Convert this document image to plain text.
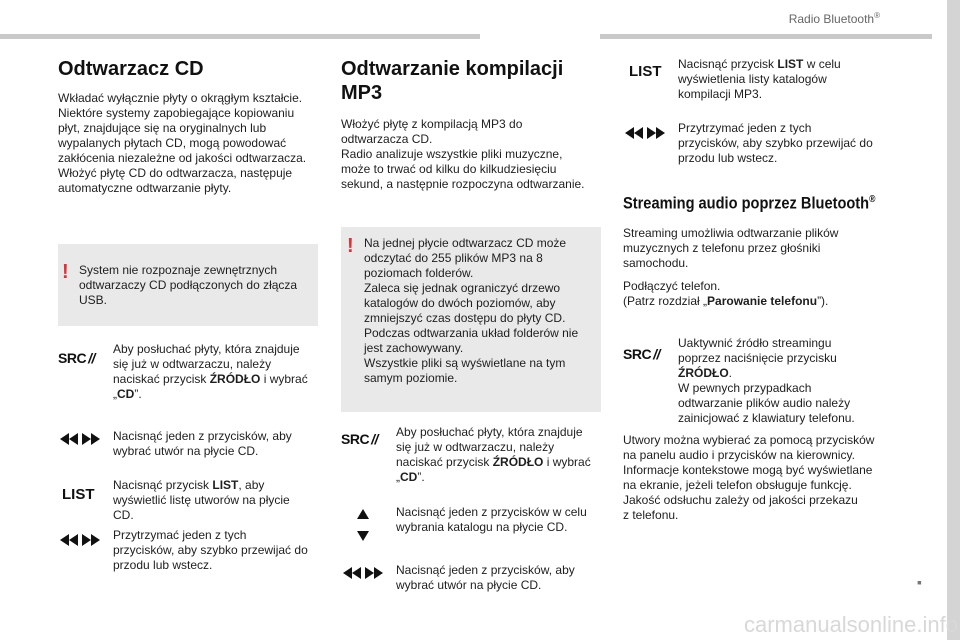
Radio Bluetooth®
Odtwarzacz CD

Wkładać wyłącznie płyty o okrągłym kształcie.

Niektóre systemy zapobiegające kopiowaniu

płyt, znajdujące się na oryginalnych lub

wypalanych płytach CD, mogą powodować

zakłócenia niezależne od jakości odtwarzacza.

Włożyć płytę CD do odtwarzacza, następuje

automatyczne odtwarzanie płyty.

! System nie rozpoznaje zewnętrznych

odtwarzaczy CD podłączonych do złącza

USB.

SRC //

Aby posłuchać płyty, która znajduje

się już w odtwarzaczu, należy

naciskać przycisk ŹRÓDŁO i wybrać

„CD”.

Nacisnąć jeden z przycisków, aby

wybrać utwór na płycie CD.

LIST

Nacisnąć przycisk LIST, aby

wyświetlić listę utworów na płycie

CD.

Przytrzymać jeden z tych

przycisków, aby szybko przewijać do

przodu lub wstecz.

Odtwarzanie kompilacji
MP3

Włożyć płytę z kompilacją MP3 do

odtwarzacza CD.

Radio analizuje wszystkie pliki muzyczne,

może to trwać od kilku do kilkudziesięciu

sekund, a następnie rozpoczyna odtwarzanie.

! Na jednej płycie odtwarzacz CD może

odczytać do 255 plików MP3 na 8

poziomach folderów.

Zaleca się jednak ograniczyć drzewo

katalogów do dwóch poziomów, aby

zmniejszyć czas dostępu do płyty CD.

Podczas odtwarzania układ folderów nie

jest zachowywany.

Wszystkie pliki są wyświetlane na tym

samym poziomie.

SRC // Aby posłuchać płyty, która znajduje

się już w odtwarzaczu, należy

naciskać przycisk ŹRÓDŁO i wybrać

„CD”.

Nacisnąć jeden z przycisków w celu

wybrania katalogu na płycie CD.

Nacisnąć jeden z przycisków, aby

wybrać utwór na płycie CD.

LIST Nacisnąć przycisk LIST w celu

wyświetlenia listy katalogów

kompilacji MP3.

Przytrzymać jeden z tych

przycisków, aby szybko przewijać do

przodu lub wstecz.

Streaming audio poprzez Bluetooth®

Streaming umożliwia odtwarzanie plików

muzycznych z telefonu przez głośniki

samochodu.

Podłączyć telefon.

(Patrz rozdział „Parowanie telefonu”).

SRC //

Uaktywnić źródło streamingu

poprzez naciśnięcie przycisku

ŹRÓDŁO.

W pewnych przypadkach

odtwarzanie plików audio należy

zainicjować z klawiatury telefonu.

Utwory można wybierać za pomocą przycisków

na panelu audio i przycisków na kierownicy.

Informacje kontekstowe mogą być wyświetlane

na ekranie, jeżeli telefon obsługuje funkcję.

Jakość odsłuchu zależy od jakości przekazu

z telefonu.

▪
carmanualsonline.info
